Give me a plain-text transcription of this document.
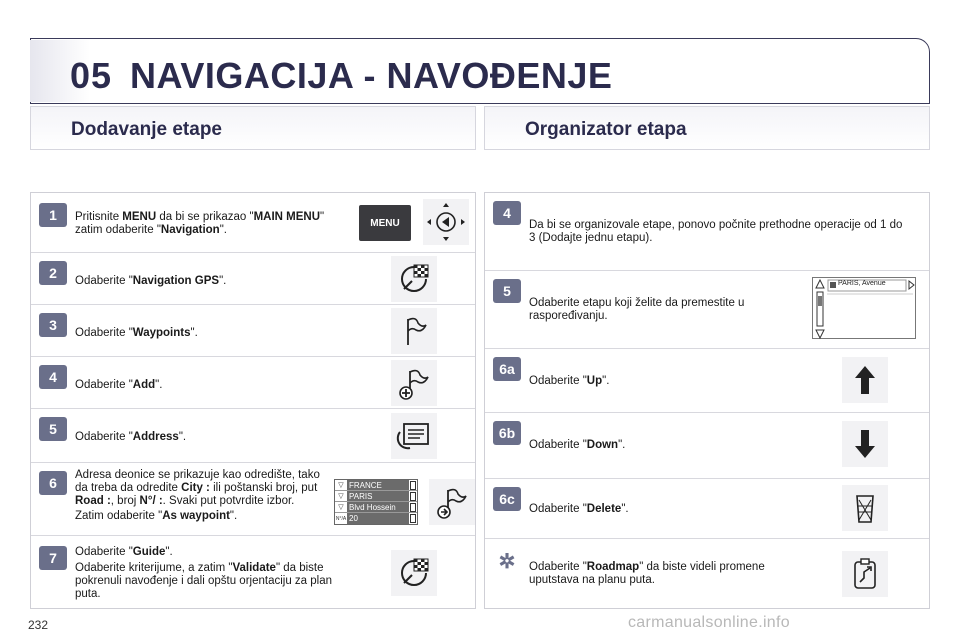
05 NAVIGACIJA - NAVOĐENJE
Dodavanje etape	Organizator etapa
1	Pritisnite MENU da bi se prikazao "MAIN MENU" zatim odaberite "Navigation".
MENU
2	Odaberite "Navigation GPS".
3	Odaberite "Waypoints".
4	Odaberite "Add".
5	Odaberite "Address".
6	Adresa deonice se prikazuje kao odredište, tako da treba da odredite City : ili poštanski broj, put Road :, broj N°/ :. Svaki put potvrdite izbor.
Zatim odaberite "As waypoint".
▽ FRANCE
▽ PARIS
▽ Blvd Hossein
N°/A 20
7	Odaberite "Guide".
Odaberite kriterijume, a zatim "Validate" da biste pokrenuli navođenje i dali opštu orjentaciju za plan puta.
4
Da bi se organizovale etape, ponovo počnite prethodne operacije od 1 do 3 (Dodajte jednu etapu).
5
Odaberite etapu koji želite da premestite u raspoređivanju.
PARIS, Avenue
6a
Odaberite "Up".
6b
Odaberite "Down".
6c
Odaberite "Delete".
✲	Odaberite "Roadmap" da biste videli promene uputstava na planu puta.
232	carmanualsonline.info
